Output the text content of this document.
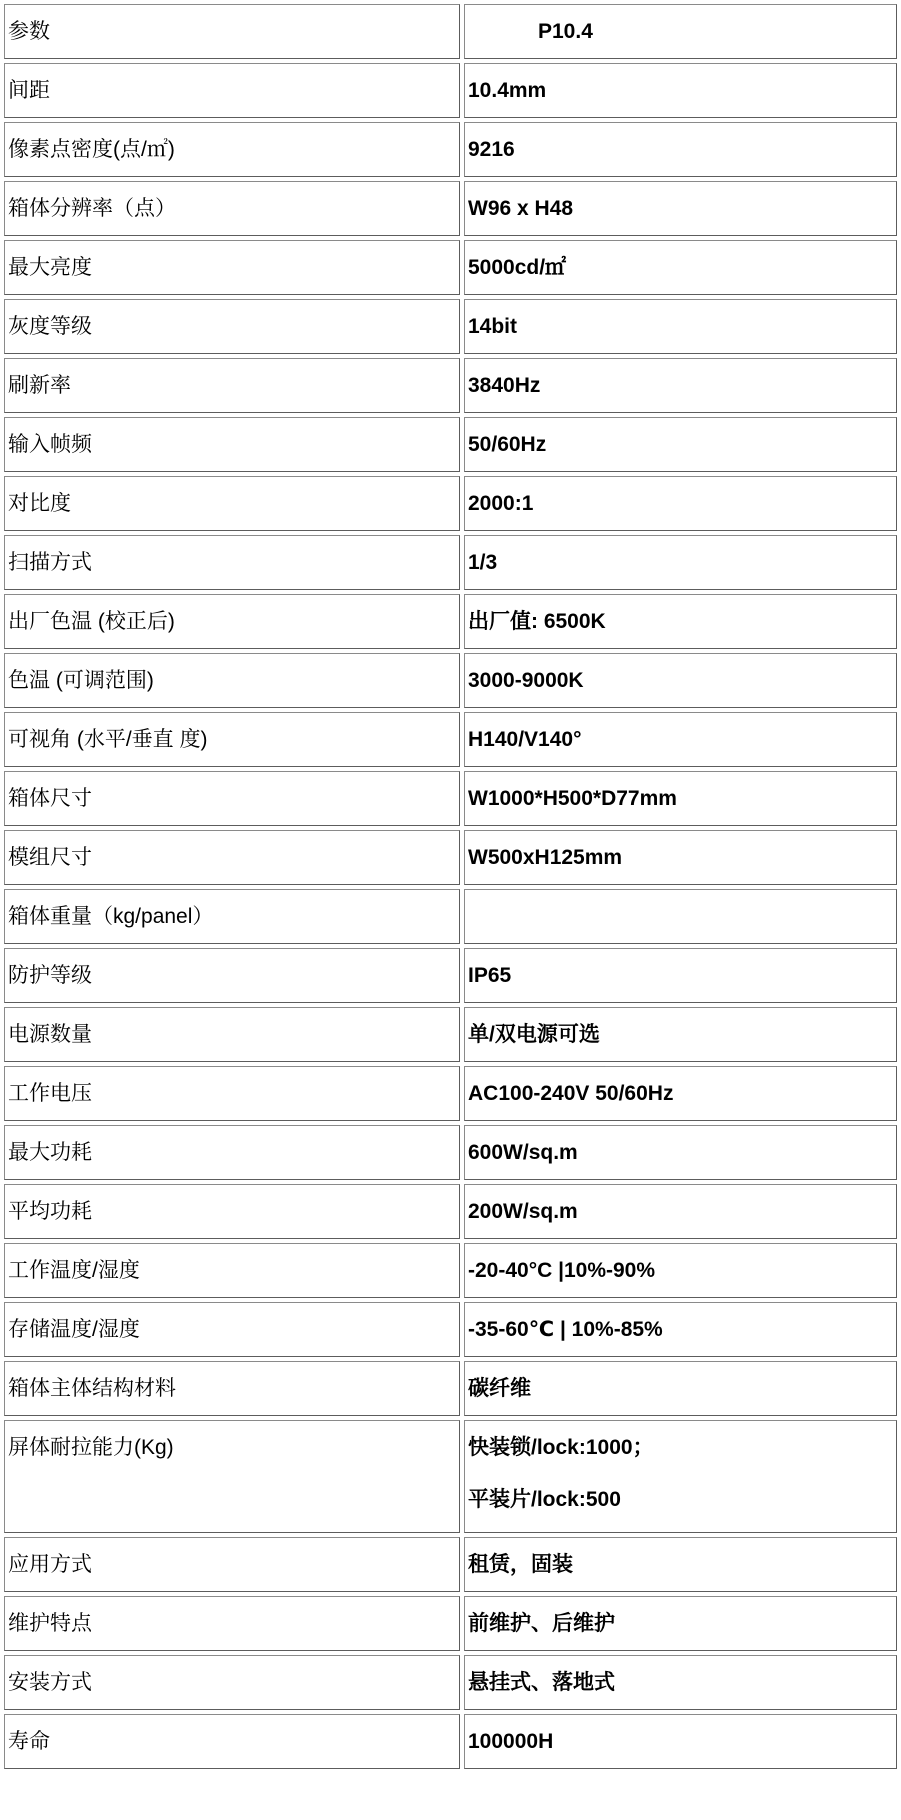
参数	P10.4
间距	10.4mm
像素点密度(点/㎡)	9216
箱体分辨率（点）	W96 x H48
最大亮度	5000cd/㎡
灰度等级	14bit
刷新率	3840Hz
输入帧频	50/60Hz
对比度	2000:1
扫描方式	1/3
出厂色温 (校正后)	出厂值: 6500K
色温 (可调范围)	3000-9000K
可视角 (水平/垂直 度)	H140/V140°
箱体尺寸	W1000*H500*D77mm
模组尺寸	W500xH125mm
箱体重量（kg/panel）	
防护等级	IP65
电源数量	单/双电源可选
工作电压	AC100-240V 50/60Hz
最大功耗	600W/sq.m
平均功耗	200W/sq.m
工作温度/湿度	-20-40°C |10%-90%
存储温度/湿度	-35-60℃ | 10%-85%
箱体主体结构材料	碳纤维
屏体耐拉能力(Kg)	快装锁/lock:1000；
平装片/lock:500

应用方式	租赁，固装
维护特点	前维护、后维护
安装方式	悬挂式、落地式
寿命	100000H
